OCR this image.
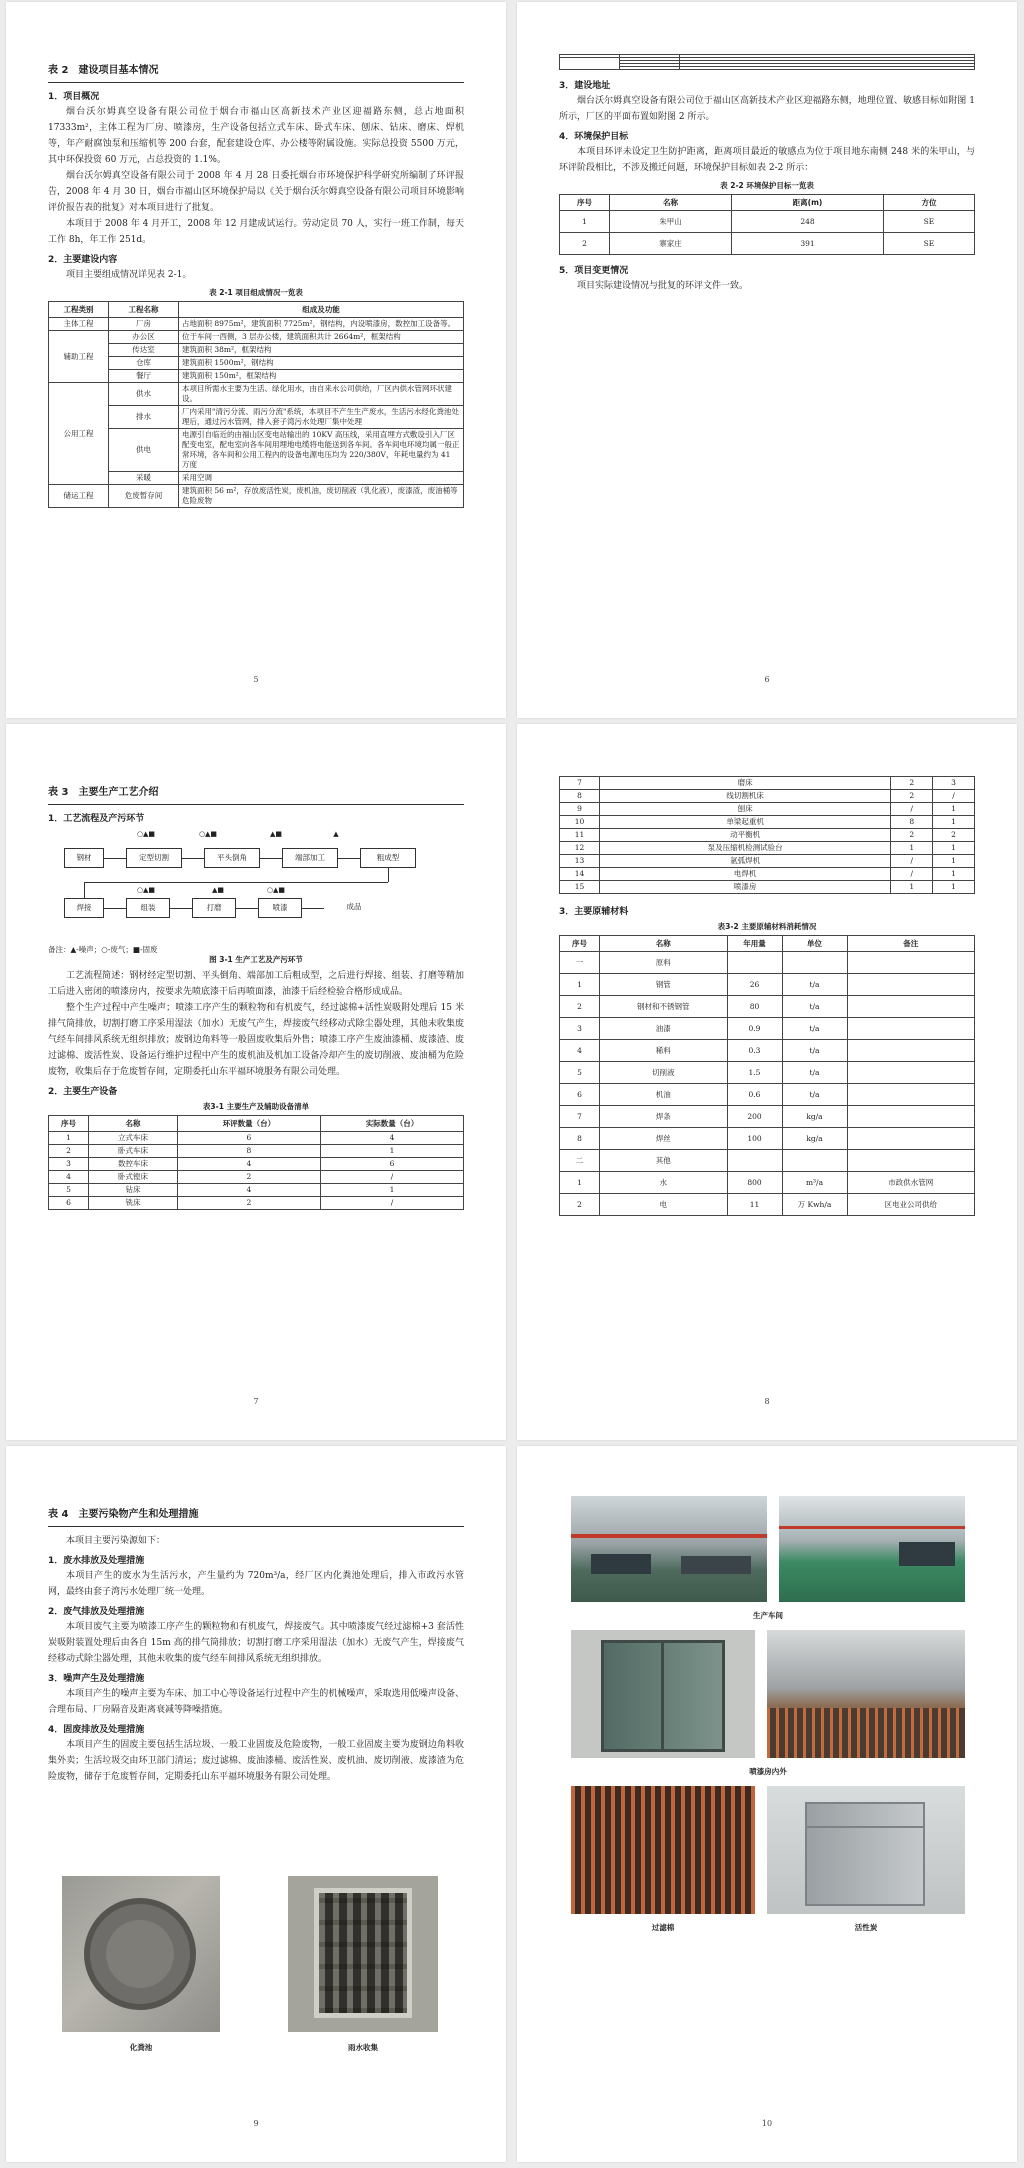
表 2　建设项目基本情况
1．项目概况

烟台沃尔姆真空设备有限公司位于烟台市福山区高新技术产业区迎福路东侧，总占地面积 17333m²，主体工程为厂房、喷漆房，生产设备包括立式车床、卧式车床、刨床、钻床、磨床、焊机等，年产耐腐蚀泵和压缩机等 200 台套，配套建设仓库、办公楼等附属设施。实际总投资 5500 万元，其中环保投资 60 万元，占总投资的 1.1%。

烟台沃尔姆真空设备有限公司于 2008 年 4 月 28 日委托烟台市环境保护科学研究所编制了环评报告，2008 年 4 月 30 日，烟台市福山区环境保护局以《关于烟台沃尔姆真空设备有限公司项目环境影响评价报告表的批复》对本项目进行了批复。

本项目于 2008 年 4 月开工，2008 年 12 月建成试运行。劳动定员 70 人，实行一班工作制，每天工作 8h，年工作 251d。

2．主要建设内容

项目主要组成情况详见表 2-1。

表 2-1 项目组成情况一览表
工程类别	工程名称	组成及功能
主体工程	厂房	占地面积 8975m²，建筑面积 7725m²，钢结构，内设喷漆房，数控加工设备等。
辅助工程	办公区	位于车间一西侧，3 层办公楼，建筑面积共计 2664m²，框架结构
	传达室	建筑面积 38m²，框架结构
	仓库	建筑面积 1500m²，钢结构
	餐厅	建筑面积 150m²，框架结构
公用工程	供水	本项目所需水主要为生活、绿化用水，由自来水公司供给，厂区内供水管网环状建设。
	排水	厂内采用"清污分流、雨污分流"系统，本项目不产生生产废水，生活污水经化粪池处理后，通过污水管网，排入套子湾污水处理厂集中处理
	供电	电源引自临近的由福山区变电站输出的 10KV 高压线，采用直埋方式敷设引入厂区配变电室，配电室向各车间用埋地电缆将电能送到各车间。各车间电环境均属一般正常环境，各车间和公用工程内的设备电源电压均为 220/380V，年耗电量约为 41 万度
	采暖	采用空调
储运工程	危废暂存间	建筑面积 56 m²，存放废活性炭，废机油，废切削液（乳化液），废漆渣，废油桶等危险废物
5

3．建设地址

烟台沃尔姆真空设备有限公司位于福山区高新技术产业区迎福路东侧，地理位置、敏感目标如附图 1 所示，厂区的平面布置如附图 2 所示。

4．环境保护目标

本项目环评未设定卫生防护距离，距离项目最近的敏感点为位于项目地东南侧 248 米的朱甲山，与环评阶段相比，不涉及搬迁问题，环境保护目标如表 2-2 所示：

表 2-2 环境保护目标一览表
序号	名称	距离(m)	方位
1	朱甲山	248	SE
2	寨家庄	391	SE
5．项目变更情况

项目实际建设情况与批复的环评文件一致。

6
表 3　主要生产工艺介绍
1．工艺流程及产污环节
○▲■	○▲■	▲■	▲
钢材	定型切割	平头倒角	端部加工	粗成型
○▲■	▲■	○▲■
焊接	组装	打磨	喷漆	成品
备注：▲-噪声；○-废气；■-固废
图 3-1 生产工艺及产污环节

工艺流程简述：钢材经定型切割、平头倒角、端部加工后粗成型，之后进行焊接、组装、打磨等精加工后进入密闭的喷漆房内，按要求先喷底漆干后再喷面漆，油漆干后经检验合格形成成品。

整个生产过程中产生噪声；喷漆工序产生的颗粒物和有机废气，经过滤棉+活性炭吸附处理后 15 米排气筒排放，切割打磨工序采用湿法（加水）无废气产生，焊接废气经移动式除尘器处理，其他未收集废气经车间排风系统无组织排放；废钢边角料等一般固废收集后外售；喷漆工序产生废油漆桶、废漆渣、废过滤棉、废活性炭、设备运行维护过程中产生的废机油及机加工设备冷却产生的废切削液、废油桶为危险废物，收集后存于危废暂存间，定期委托山东平福环境服务有限公司处理。

2．主要生产设备
表3-1 主要生产及辅助设备清单
序号	名称	环评数量（台）	实际数量（台）
1	立式车床	6	4
2	卧式车床	8	1
3	数控车床	4	6
4	卧式镗床	2	/
5	钻床	4	1
6	铣床	2	/
7
7	磨床	2	3
8	线切割机床	2	/
9	刨床	/	1
10	单梁起重机	8	1
11	动平衡机	2	2
12	泵及压缩机检测试验台	1	1
13	氩弧焊机	/	1
14	电焊机	/	1
15	喷漆房	1	1
3．主要原辅材料
表3-2 主要原辅材料消耗情况
序号	名称	年用量	单位	备注
一	原料			
1	钢管	26	t/a	
2	钢材和不锈钢管	80	t/a	
3	油漆	0.9	t/a	
4	稀料	0.3	t/a	
5	切削液	1.5	t/a	
6	机油	0.6	t/a	
7	焊条	200	kg/a	
8	焊丝	100	kg/a	
二	其他			
1	水	800	m³/a	市政供水管网
2	电	11	万 Kwh/a	区电业公司供给
8
表 4　主要污染物产生和处理措施

本项目主要污染源如下：

1．废水排放及处理措施

本项目产生的废水为生活污水，产生量约为 720m³/a，经厂区内化粪池处理后，排入市政污水管网，最终由套子湾污水处理厂统一处理。

2．废气排放及处理措施

本项目废气主要为喷漆工序产生的颗粒物和有机废气，焊接废气。其中喷漆废气经过滤棉+3 套活性炭吸附装置处理后由各自 15m 高的排气筒排放；切割打磨工序采用湿法（加水）无废气产生，焊接废气经移动式除尘器处理，其他未收集的废气经车间排风系统无组织排放。

3．噪声产生及处理措施

本项目产生的噪声主要为车床、加工中心等设备运行过程中产生的机械噪声，采取选用低噪声设备、合理布局、厂房隔音及距离衰减等降噪措施。

4．固废排放及处理措施

本项目产生的固废主要包括生活垃圾、一般工业固废及危险废物，一般工业固废主要为废钢边角料收集外卖；生活垃圾交由环卫部门清运；废过滤棉、废油漆桶、废活性炭、废机油、废切削液、废漆渣为危险废物，储存于危废暂存间，定期委托山东平福环境服务有限公司处理。

化粪池	雨水收集
9
生产车间
喷漆房内外
过滤棉	活性炭
10
